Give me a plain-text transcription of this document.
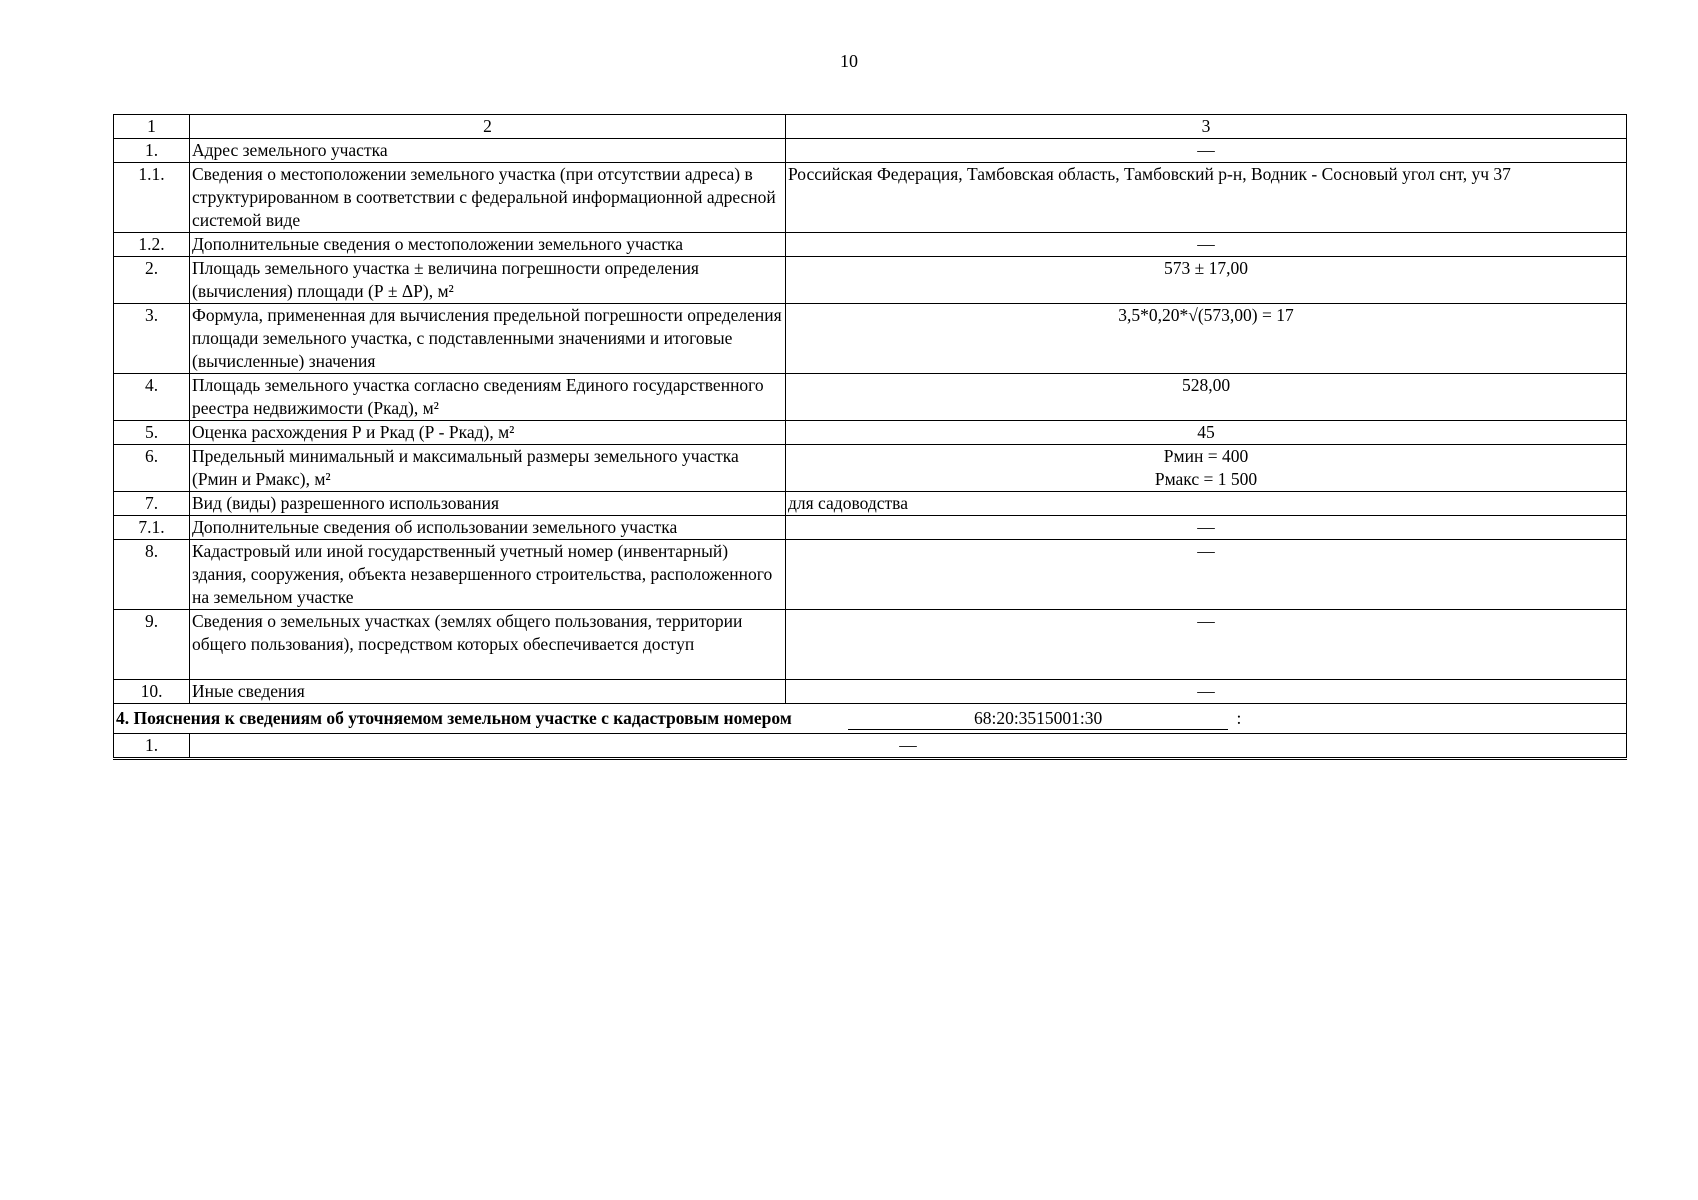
10
1	2	3
1.	Адрес земельного участка	—
1.1.	Сведения о местоположении земельного участка (при отсутствии адреса) в структурированном в соответствии с федеральной информационной адресной системой виде	Российская Федерация, Тамбовская область, Тамбовский р-н, Водник - Сосновый угол снт, уч 37
1.2.	Дополнительные сведения о местоположении земельного участка	—
2.	Площадь земельного участка ± величина погрешности определения (вычисления) площади (Р ± ΔР), м²	573 ± 17,00
3.	Формула, примененная для вычисления предельной погрешности определения площади земельного участка, с подставленными значениями и итоговые (вычисленные) значения	3,5*0,20*√(573,00) = 17
4.	Площадь земельного участка согласно сведениям Единого государственного реестра недвижимости (Ркад), м²	528,00
5.	Оценка расхождения Р и Ркад (Р - Ркад), м²	45
6.	Предельный минимальный и максимальный размеры земельного участка (Рмин и Рмакс), м²	Рмин = 400
Рмакс = 1 500

7.	Вид (виды) разрешенного использования	для садоводства
7.1.	Дополнительные сведения об использовании земельного участка	—
8.	Кадастровый или иной государственный учетный номер (инвентарный) здания, сооружения, объекта незавершенного строительства, расположенного на земельном участке	—
9.	Сведения о земельных участках (землях общего пользования, территории общего пользования), посредством которых обеспечивается доступ	—
10.	Иные сведения	—
4. Пояснения к сведениям об уточняемом земельном участке с кадастровым номером 68:20:3515001:30 :		
1.	—	
